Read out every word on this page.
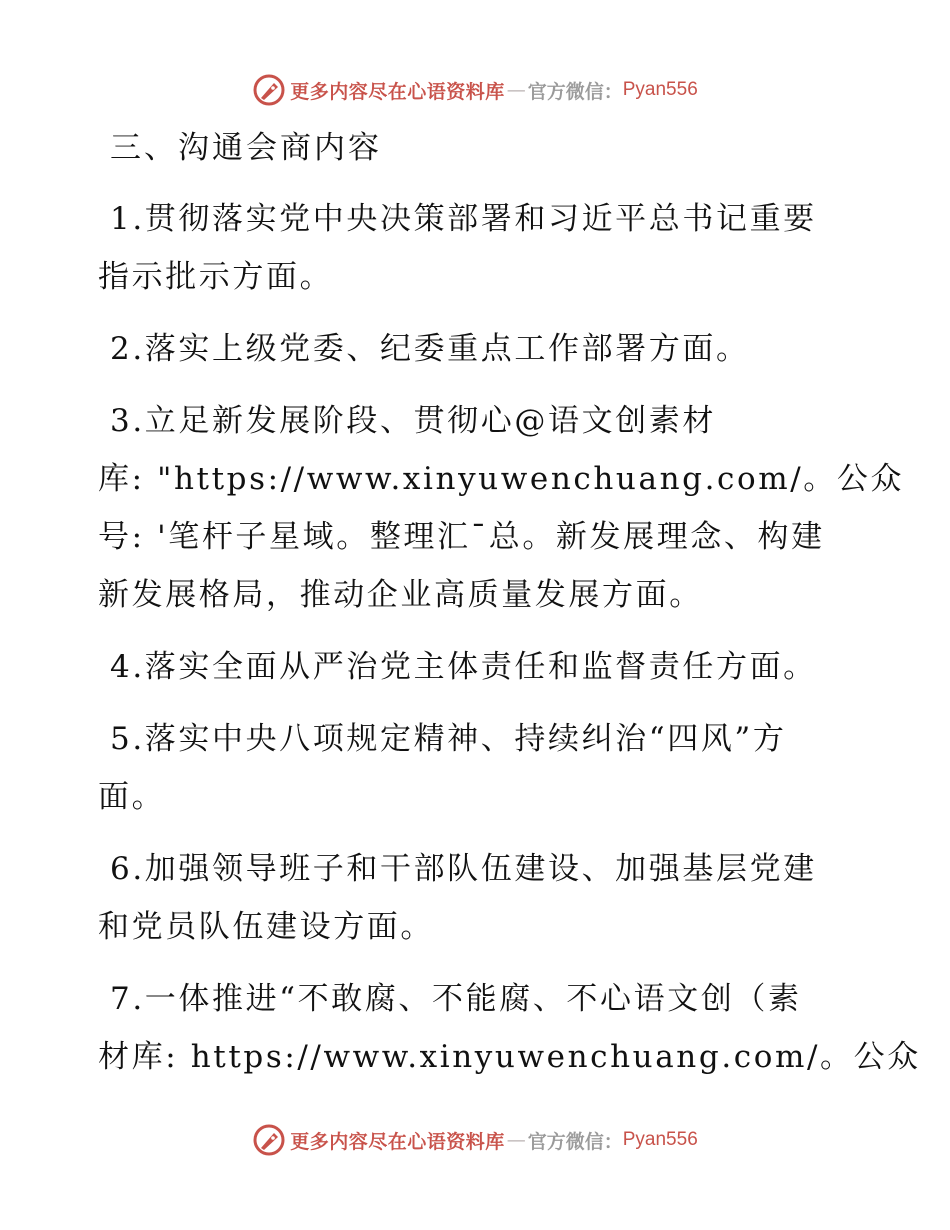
更多内容尽在心语资料库 — 官方微信： Pyan556
三、沟通会商内容
1.贯彻落实党中央决策部署和习近平总书记重要
指示批示方面。
2.落实上级党委、纪委重点工作部署方面。
3.立足新发展阶段、贯彻心@语文创素材
库: "https://www.xinyuwenchuang.com/。公众
号: '笔杆子星域。整理汇¯总。新发展理念、构建
新发展格局，推动企业高质量发展方面。
4.落实全面从严治党主体责任和监督责任方面。
5.落实中央八项规定精神、持续纠治“四风”方
面。
6.加强领导班子和干部队伍建设、加强基层党建
和党员队伍建设方面。
7.一体推进“不敢腐、不能腐、不心语文创（素
材库: https://www.xinyuwenchuang.com/。公众
更多内容尽在心语资料库 — 官方微信： Pyan556
